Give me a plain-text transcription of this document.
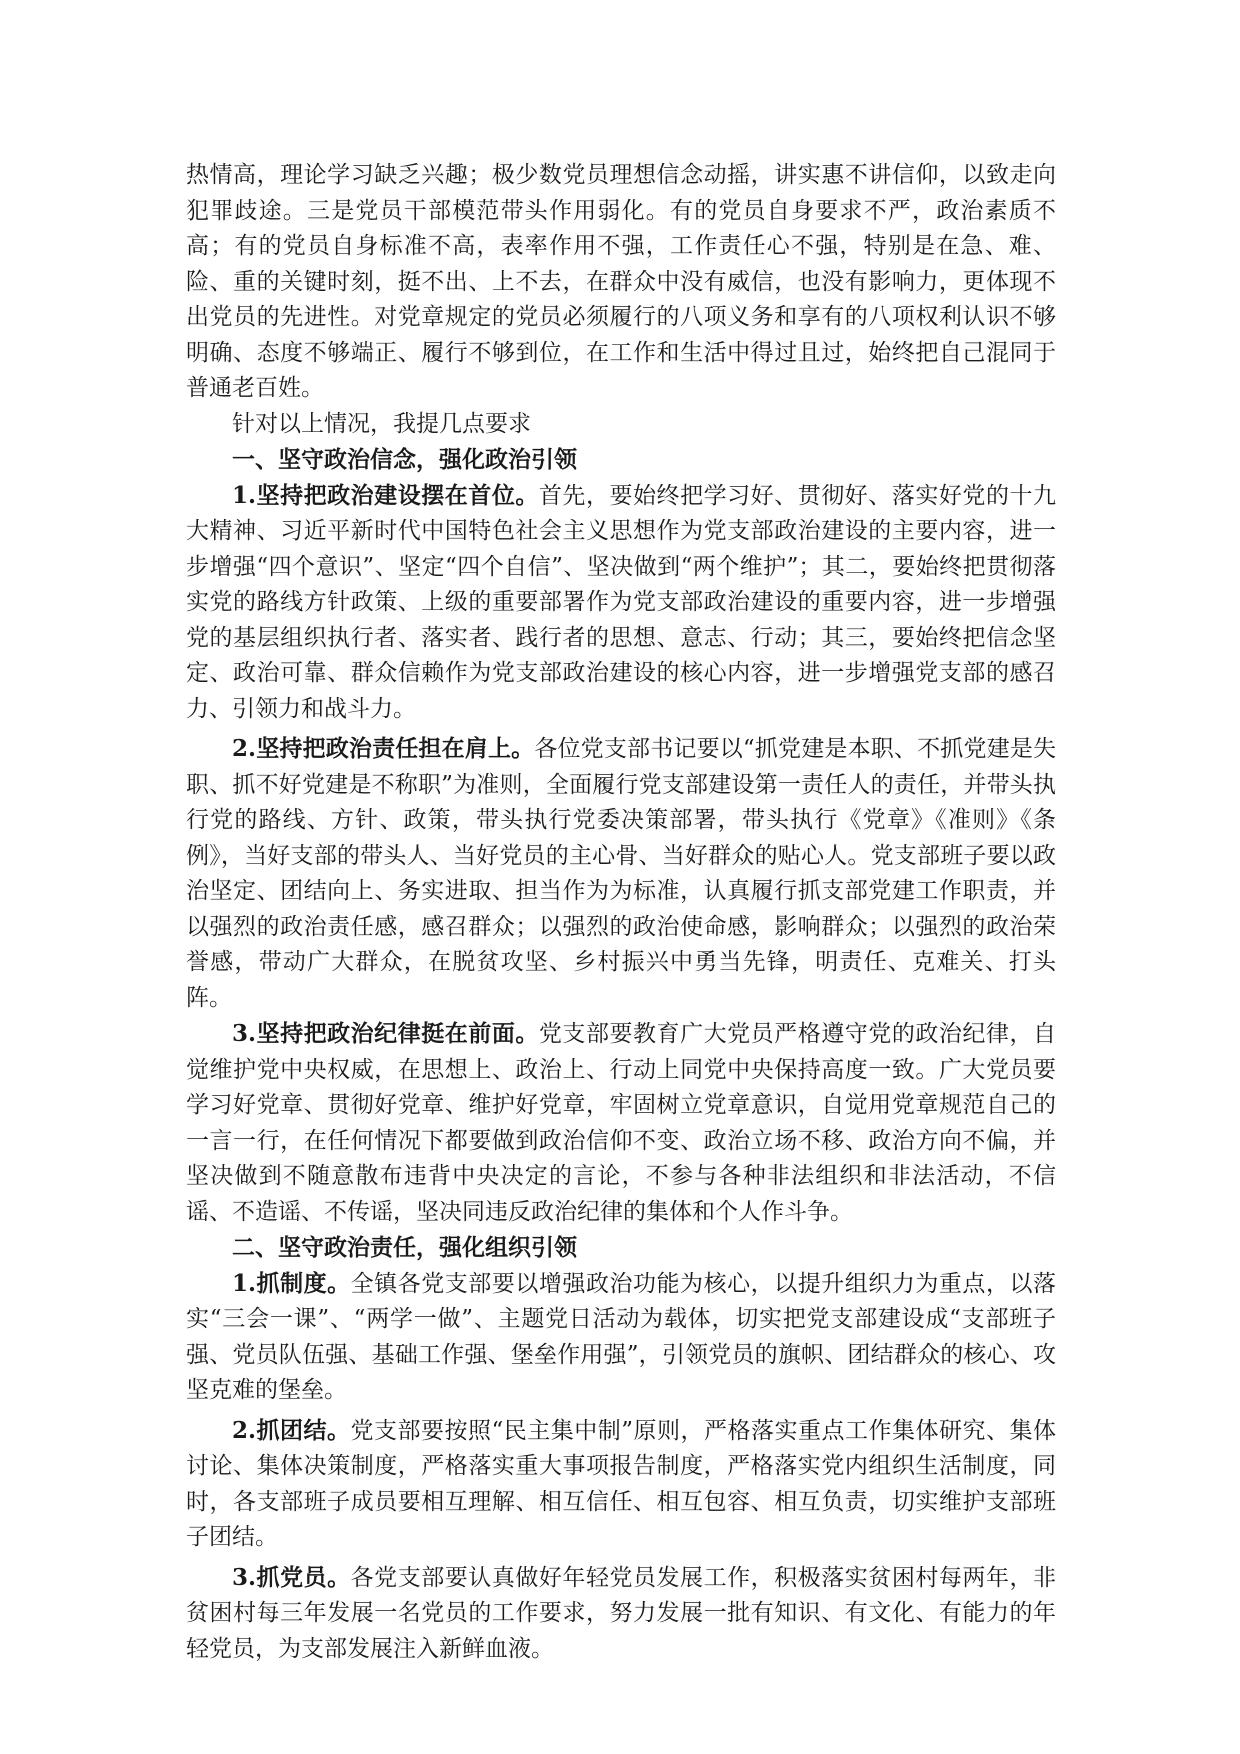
热情高，理论学习缺乏兴趣；极少数党员理想信念动摇，讲实惠不讲信仰，以致走向犯罪歧途。三是党员干部模范带头作用弱化。有的党员自身要求不严，政治素质不高；有的党员自身标准不高，表率作用不强，工作责任心不强，特别是在急、难、险、重的关键时刻，挺不出、上不去，在群众中没有威信，也没有影响力，更体现不出党员的先进性。对党章规定的党员必须履行的八项义务和享有的八项权利认识不够明确、态度不够端正、履行不够到位，在工作和生活中得过且过，始终把自己混同于普通老百姓。

针对以上情况，我提几点要求

一、坚守政治信念，强化政治引领

1.坚持把政治建设摆在首位。首先，要始终把学习好、贯彻好、落实好党的十九大精神、习近平新时代中国特色社会主义思想作为党支部政治建设的主要内容，进一步增强“四个意识”、坚定“四个自信”、坚决做到“两个维护”；其二，要始终把贯彻落实党的路线方针政策、上级的重要部署作为党支部政治建设的重要内容，进一步增强党的基层组织执行者、落实者、践行者的思想、意志、行动；其三，要始终把信念坚定、政治可靠、群众信赖作为党支部政治建设的核心内容，进一步增强党支部的感召力、引领力和战斗力。

2.坚持把政治责任担在肩上。各位党支部书记要以“抓党建是本职、不抓党建是失职、抓不好党建是不称职”为准则，全面履行党支部建设第一责任人的责任，并带头执行党的路线、方针、政策，带头执行党委决策部署，带头执行《党章》《准则》《条例》，当好支部的带头人、当好党员的主心骨、当好群众的贴心人。党支部班子要以政治坚定、团结向上、务实进取、担当作为为标准，认真履行抓支部党建工作职责，并以强烈的政治责任感，感召群众；以强烈的政治使命感，影响群众；以强烈的政治荣誉感，带动广大群众，在脱贫攻坚、乡村振兴中勇当先锋，明责任、克难关、打头阵。

3.坚持把政治纪律挺在前面。党支部要教育广大党员严格遵守党的政治纪律，自觉维护党中央权威，在思想上、政治上、行动上同党中央保持高度一致。广大党员要学习好党章、贯彻好党章、维护好党章，牢固树立党章意识，自觉用党章规范自己的一言一行，在任何情况下都要做到政治信仰不变、政治立场不移、政治方向不偏，并坚决做到不随意散布违背中央决定的言论，不参与各种非法组织和非法活动，不信谣、不造谣、不传谣，坚决同违反政治纪律的集体和个人作斗争。

二、坚守政治责任，强化组织引领

1.抓制度。全镇各党支部要以增强政治功能为核心，以提升组织力为重点，以落实“三会一课”、“两学一做”、主题党日活动为载体，切实把党支部建设成“支部班子强、党员队伍强、基础工作强、堡垒作用强”，引领党员的旗帜、团结群众的核心、攻坚克难的堡垒。

2.抓团结。党支部要按照“民主集中制”原则，严格落实重点工作集体研究、集体讨论、集体决策制度，严格落实重大事项报告制度，严格落实党内组织生活制度，同时，各支部班子成员要相互理解、相互信任、相互包容、相互负责，切实维护支部班子团结。

3.抓党员。各党支部要认真做好年轻党员发展工作，积极落实贫困村每两年，非贫困村每三年发展一名党员的工作要求，努力发展一批有知识、有文化、有能力的年轻党员，为支部发展注入新鲜血液。
